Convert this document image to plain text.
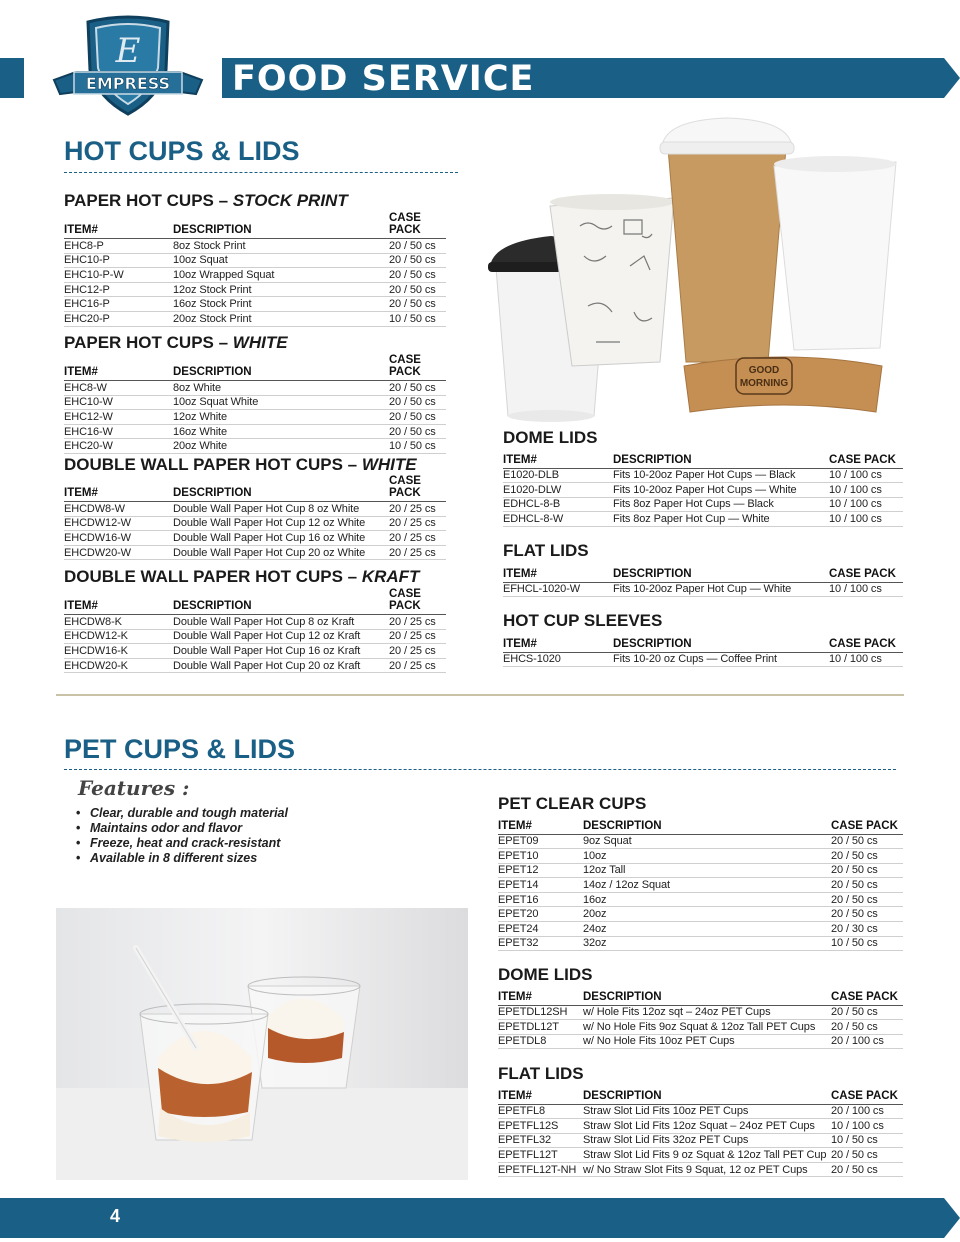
E
EMPRESS FOOD SERVICE
HOT CUPS & LIDS
PAPER HOT CUPS – STOCK PRINT
ITEM#	DESCRIPTION	CASE PACK
EHC8-P	8oz Stock Print	20 / 50 cs
EHC10-P	10oz Squat	20 / 50 cs
EHC10-P-W	10oz Wrapped Squat	20 / 50 cs
EHC12-P	12oz Stock Print	20 / 50 cs
EHC16-P	16oz Stock Print	20 / 50 cs
EHC20-P	20oz Stock Print	10 / 50 cs
PAPER HOT CUPS – WHITE
ITEM#	DESCRIPTION	CASE PACK
EHC8-W	8oz White	20 / 50 cs
EHC10-W	10oz Squat White	20 / 50 cs
EHC12-W	12oz White	20 / 50 cs
EHC16-W	16oz White	20 / 50 cs
EHC20-W	20oz White	10 / 50 cs
DOUBLE WALL PAPER HOT CUPS – WHITE
ITEM#	DESCRIPTION	CASE PACK
EHCDW8-W	Double Wall Paper Hot Cup 8 oz White	20 / 25 cs
EHCDW12-W	Double Wall Paper Hot Cup 12 oz White	20 / 25 cs
EHCDW16-W	Double Wall Paper Hot Cup 16 oz White	20 / 25 cs
EHCDW20-W	Double Wall Paper Hot Cup 20 oz White	20 / 25 cs
DOUBLE WALL PAPER HOT CUPS – KRAFT
ITEM#	DESCRIPTION	CASE PACK
EHCDW8-K	Double Wall Paper Hot Cup 8 oz Kraft	20 / 25 cs
EHCDW12-K	Double Wall Paper Hot Cup 12 oz Kraft	20 / 25 cs
EHCDW16-K	Double Wall Paper Hot Cup 16 oz Kraft	20 / 25 cs
EHCDW20-K	Double Wall Paper Hot Cup 20 oz Kraft	20 / 25 cs
GOOD
MORNING
DOME LIDS
ITEM#	DESCRIPTION	CASE PACK
E1020-DLB	Fits 10-20oz Paper Hot Cups — Black	10 / 100 cs
E1020-DLW	Fits 10-20oz Paper Hot Cups — White	10 / 100 cs
EDHCL-8-B	Fits 8oz Paper Hot Cups — Black	10 / 100 cs
EDHCL-8-W	Fits 8oz Paper Hot Cup — White	10 / 100 cs
FLAT LIDS
ITEM#	DESCRIPTION	CASE PACK
EFHCL-1020-W	Fits 10-20oz Paper Hot Cup — White	10 / 100 cs
HOT CUP SLEEVES
ITEM#	DESCRIPTION	CASE PACK
EHCS-1020	Fits 10-20 oz Cups — Coffee Print	10 / 100 cs
PET CUPS & LIDS
Features :
• Clear, durable and tough material
• Maintains odor and flavor
• Freeze, heat and crack-resistant
• Available in 8 different sizes
PET CLEAR CUPS
ITEM#	DESCRIPTION	CASE PACK
EPET09	9oz Squat	20 / 50 cs
EPET10	10oz	20 / 50 cs
EPET12	12oz Tall	20 / 50 cs
EPET14	14oz / 12oz Squat	20 / 50 cs
EPET16	16oz	20 / 50 cs
EPET20	20oz	20 / 50 cs
EPET24	24oz	20 / 30 cs
EPET32	32oz	10 / 50 cs
DOME LIDS
ITEM#	DESCRIPTION	CASE PACK
EPETDL12SH	w/ Hole Fits 12oz sqt – 24oz PET Cups	20 / 50 cs
EPETDL12T	w/ No Hole Fits 9oz Squat & 12oz Tall PET Cups	20 / 50 cs
EPETDL8	w/ No Hole Fits 10oz PET Cups	20 / 100 cs
FLAT LIDS
ITEM#	DESCRIPTION	CASE PACK
EPETFL8	Straw Slot Lid Fits 10oz PET Cups	20 / 100 cs
EPETFL12S	Straw Slot Lid Fits 12oz Squat – 24oz PET Cups	10 / 100 cs
EPETFL32	Straw Slot Lid Fits 32oz PET Cups	10 / 50 cs
EPETFL12T	Straw Slot Lid Fits 9 oz Squat & 12oz Tall PET Cup	20 / 50 cs
EPETFL12T-NH	w/ No Straw Slot Fits 9 Squat, 12 oz PET Cups	20 / 50 cs
4
